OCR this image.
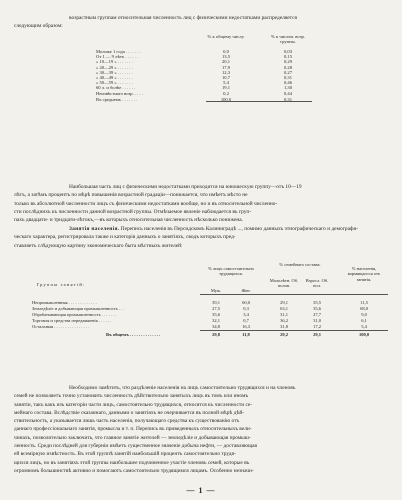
возрастным группам относительная численность лиц с физическими недостатками распределяется
следующим образом:
% к общему числу.	% к числен. возр. группы.
Моложе 1 года . . . . . . .	0,0	0,03
От 1 — 9 лѣтъ . . . . . .	13,5	0,15
» 10—19 » . . . . . . .	20,1	0,29
» 20—29 » . . . . . . .	17,9	0,28
» 30—39 » . . . . . . .	12,3	0,27
» 40—49 » . . . . . . .	10,7	0,31
» 50—59 » . . . . . . .	5,4	0,46
60 л. и болѣе . . . . . .	19,1	1,30
Неизвѣстнаго возр. . . . .	0,2	0,44
Въ среднемъ . . . . . . .	100,0	0,31
Наибольшая часть лиц с физическими недостатками приходится на юношескую группу—отъ 10—19
лѣтъ, а затѣмъ процентъ по мѣрѣ повышенія возрастной градаціи—понижается, что имѣетъ мѣсто не
только въ абсолютной численности лицъ съ физическими недостатками вообще, но и въ относительной численно-
сти послѣднихъ къ численности данной возрастной группы. Отмѣчаемое явленіе наблюдается въ груп-
пахъ двадцати- и тридцати-лѣтокъ,—въ которыхъ относительная численность нѣсколько понижена.
Занятія населенія. Перепись населенія въ Персидскомъ Калиниградѣ ..., помимо данныхъ этнографическаго и демографи-
ческаго характера, регистрировала также и категорія данныхъ о занятіяхъ, сводъ которыхъ пред-
ставляетъ слѣдующую картину экономическаго быта мѣстныхъ жителей:
Группы занятій:
% лицъ самостоятельно трудящихся.
Муж.	Жен.
% семейнаго состава.
Малолѣтн. Об. полов.
Взросл. Об. пол.
% населенія, кормящагося отъ занятія.
Непромышленныя . . . . . . . . . . . . .	39,1	60,0	29,1	35,5	11,5
Земледѣліе и добывающая промышленность . . .	27,5	0,3	63,1	35,6	68,0
Обрабатывающая промышленность . . . . . . .	35,6	3,4	31,1	27,7	9,0
Торговля и средства передвиженія . . . . . .	32,1	0,7	36,2	31,0	6,1
Остальныя . . . . . . . . . . . . . . . .	34,8	16,3	31,8	17,2	5,4
Въ общемъ . . . . . . . . . . . . . .	29,8	11,8	29,2	29,1	100,0
Необходимо замѣтить, что раздѣленіе населенія на лицъ самостоятельно трудящихся и на членовъ
семей не позволяетъ точно установить численность дѣйствительно занятыхъ лицъ въ томъ или иномъ
занятіи, такъ какъ изъ категоріи части лицъ, самостоятельно трудящихся, относятся къ численности се-
мейнаго состава. Вслѣдствіе сказаннаго, данными о занятіяхъ не очерчивается въ полной мѣрѣ дѣй-
ствительность, а указывается лишь часть населенія, получающаго средства къ существованію отъ
даннаго профессіональнаго занятія, промысла и т. п. Перепись въ приведенныхъ относительныхъ вели-
чинахъ, позволительно заключить, что главное занятіе жителей — земледѣліе и добывающая промыш-
ленность. Среди послѣдней для губерніи имѣетъ существенное значеніе добыча нефти, — доставляющая
ей всемірную извѣстность. Въ этой группѣ занятій наибольшій процентъ самостоятельно трудя-
щихся лицъ, но въ занятіяхъ этой группы наибольшее подчиненное участіе членовъ семей, которые въ
огромномъ большинствѣ активно и помогаютъ самостоятельно трудящимся лицамъ. Особенно незначи-
— 1 —
